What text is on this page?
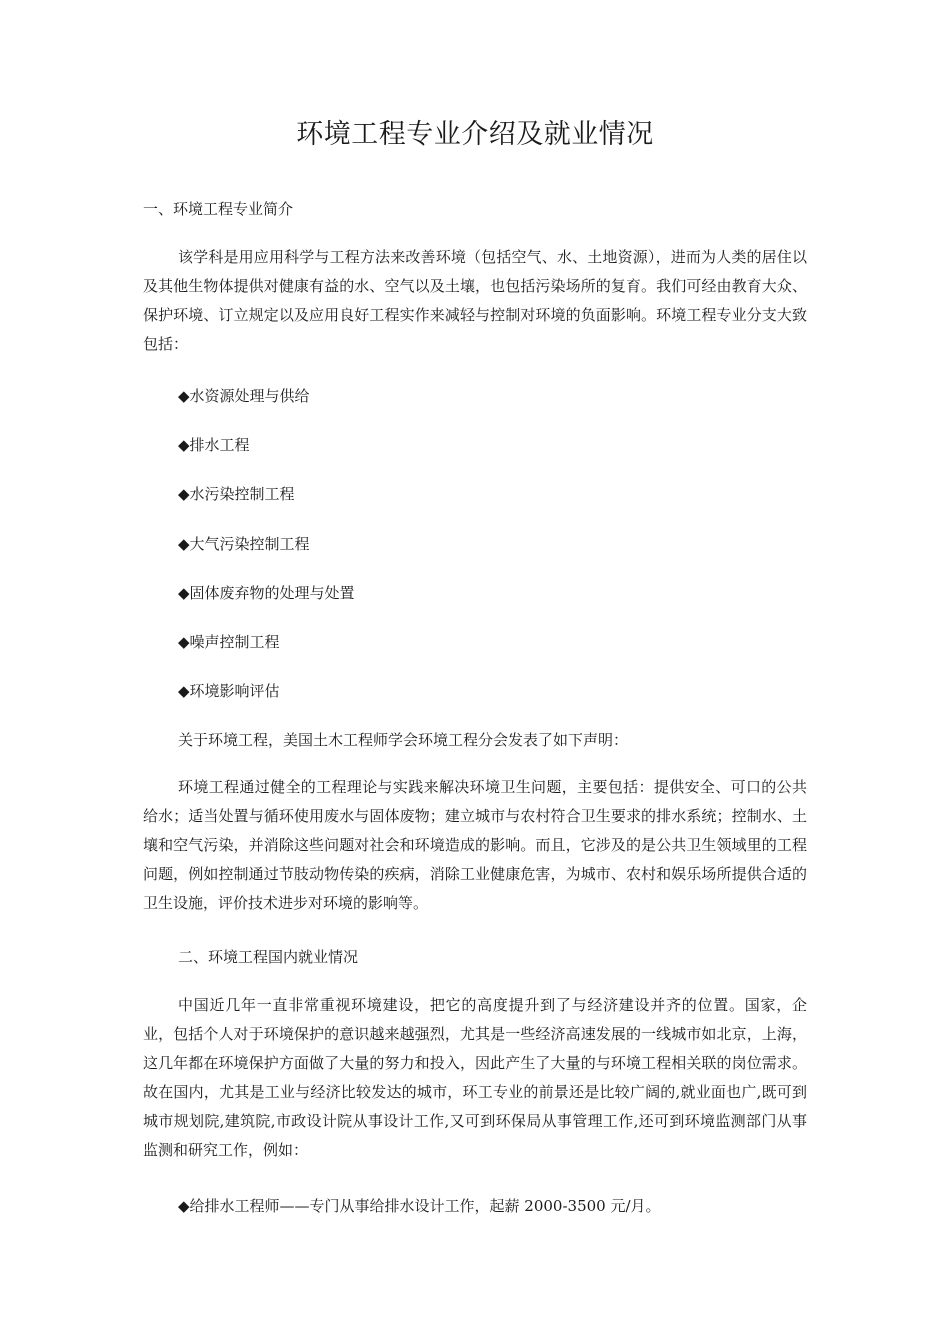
环境工程专业介绍及就业情况
一、环境工程专业简介
该学科是用应用科学与工程方法来改善环境（包括空气、水、土地资源），进而为人类的居住以及其他生物体提供对健康有益的水、空气以及土壤，也包括污染场所的复育。我们可经由教育大众、保护环境、订立规定以及应用良好工程实作来减轻与控制对环境的负面影响。环境工程专业分支大致包括：
◆水资源处理与供给
◆排水工程
◆水污染控制工程
◆大气污染控制工程
◆固体废弃物的处理与处置
◆噪声控制工程
◆环境影响评估
关于环境工程，美国土木工程师学会环境工程分会发表了如下声明：
环境工程通过健全的工程理论与实践来解决环境卫生问题，主要包括：提供安全、可口的公共给水；适当处置与循环使用废水与固体废物；建立城市与农村符合卫生要求的排水系统；控制水、土壤和空气污染，并消除这些问题对社会和环境造成的影响。而且，它涉及的是公共卫生领域里的工程问题，例如控制通过节肢动物传染的疾病，消除工业健康危害，为城市、农村和娱乐场所提供合适的卫生设施，评价技术进步对环境的影响等。
二、环境工程国内就业情况
中国近几年一直非常重视环境建设，把它的高度提升到了与经济建设并齐的位置。国家，企业，包括个人对于环境保护的意识越来越强烈，尤其是一些经济高速发展的一线城市如北京，上海，这几年都在环境保护方面做了大量的努力和投入，因此产生了大量的与环境工程相关联的岗位需求。故在国内，尤其是工业与经济比较发达的城市，环工专业的前景还是比较广阔的,就业面也广,既可到城市规划院,建筑院,市政设计院从事设计工作,又可到环保局从事管理工作,还可到环境监测部门从事监测和研究工作，例如：
◆给排水工程师——专门从事给排水设计工作，起薪 2000-3500 元/月。
